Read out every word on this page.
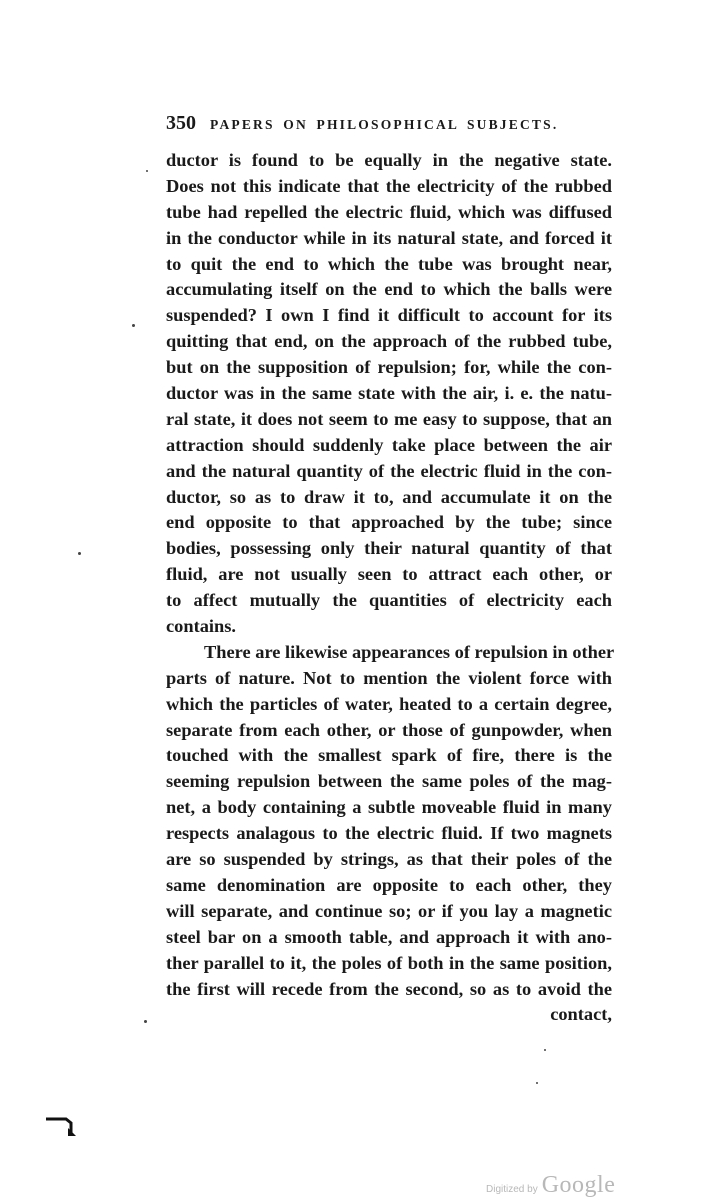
350 PAPERS ON PHILOSOPHICAL SUBJECTS.
ductor is found to be equally in the negative state.
Does not this indicate that the electricity of the rubbed
tube had repelled the electric fluid, which was diffused
in the conductor while in its natural state, and forced it
to quit the end to which the tube was brought near,
accumulating itself on the end to which the balls were
suspended? I own I find it difficult to account for its
quitting that end, on the approach of the rubbed tube,
but on the supposition of repulsion; for, while the con-
ductor was in the same state with the air, i. e. the natu-
ral state, it does not seem to me easy to suppose, that an
attraction should suddenly take place between the air
and the natural quantity of the electric fluid in the con-
ductor, so as to draw it to, and accumulate it on the
end opposite to that approached by the tube; since
bodies, possessing only their natural quantity of that
fluid, are not usually seen to attract each other, or
to affect mutually the quantities of electricity each
contains.
There are likewise appearances of repulsion in other
parts of nature. Not to mention the violent force with
which the particles of water, heated to a certain degree,
separate from each other, or those of gunpowder, when
touched with the smallest spark of fire, there is the
seeming repulsion between the same poles of the mag-
net, a body containing a subtle moveable fluid in many
respects analagous to the electric fluid. If two magnets
are so suspended by strings, as that their poles of the
same denomination are opposite to each other, they
will separate, and continue so; or if you lay a magnetic
steel bar on a smooth table, and approach it with ano-
ther parallel to it, the poles of both in the same position,
the first will recede from the second, so as to avoid the
contact,
Digitized by Google
